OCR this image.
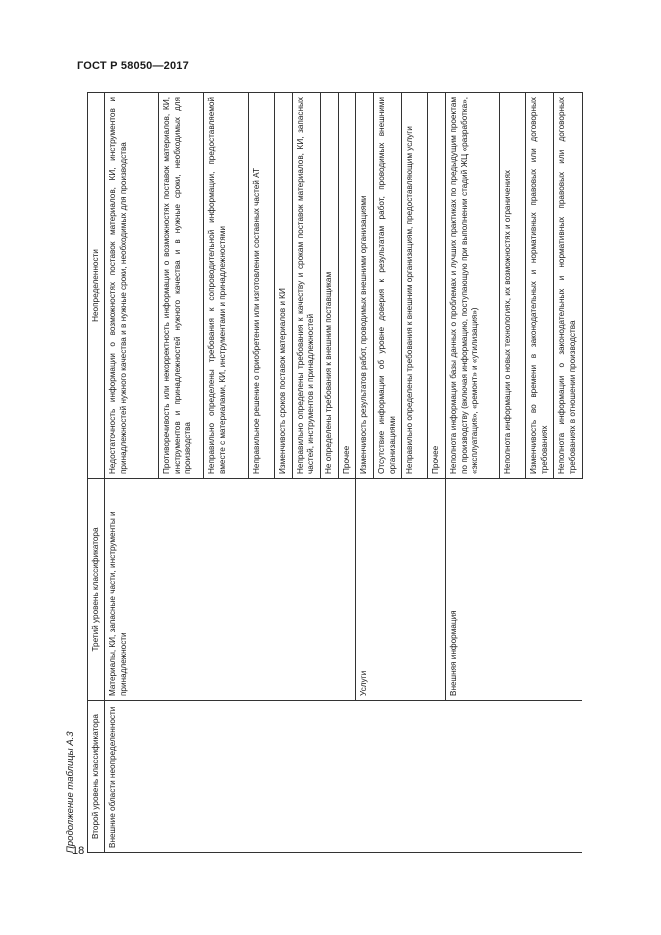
ГОСТ Р 58050—2017
Продолжение таблицы А.3 Второй уровень классификатора	Третий уровень классификатора	Неопределенности
Внешние области неопределенности	Материалы, КИ, запасные части, инструменты и принадлежности	Недостаточность информации о возможностях поставок материалов, КИ, инструментов и принадлежностей нужного качества и в нужные сроки, необходимых для производства
		Противоречивость или некорректность информации о возможностях поставок материалов, КИ, инструментов и принадлежностей нужного качества и в нужные сроки, необходимых для производства
		Неправильно определены требования к сопроводительной информации, предоставляемой вместе с материалами, КИ, инструментами и принадлежностями
		Неправильное решение о приобретении или изготовлении составных частей АТ
		Изменчивость сроков поставок материалов и КИ
		Неправильно определены требования к качеству и срокам поставок материалов, КИ, запасных частей, инструментов и принадлежностей
		Не определены требования к внешним поставщикам
		Прочее
	Услуги	Изменчивость результатов работ, проводимых внешними организациями
		Отсутствие информации об уровне доверия к результатам работ, проводимых внешними организациями
		Неправильно определены требования к внешним организациям, предоставляющим услуги
		Прочее
	Внешняя информация	Неполнота информации базы данных о проблемах и лучших практиках по предыдущим проектам по производству (включая информацию, поступающую при выполнении стадий ЖЦ «разработка», «эксплуатация», «ремонт» и «утилизация»)
		Неполнота информации о новых технологиях, их возможностях и ограничениях
		Изменчивость во времени в законодательных и нормативных правовых или договорных требованиях
		Неполнота информации о законодательных и нормативных правовых или договорных требованиях в отношении производства
18
